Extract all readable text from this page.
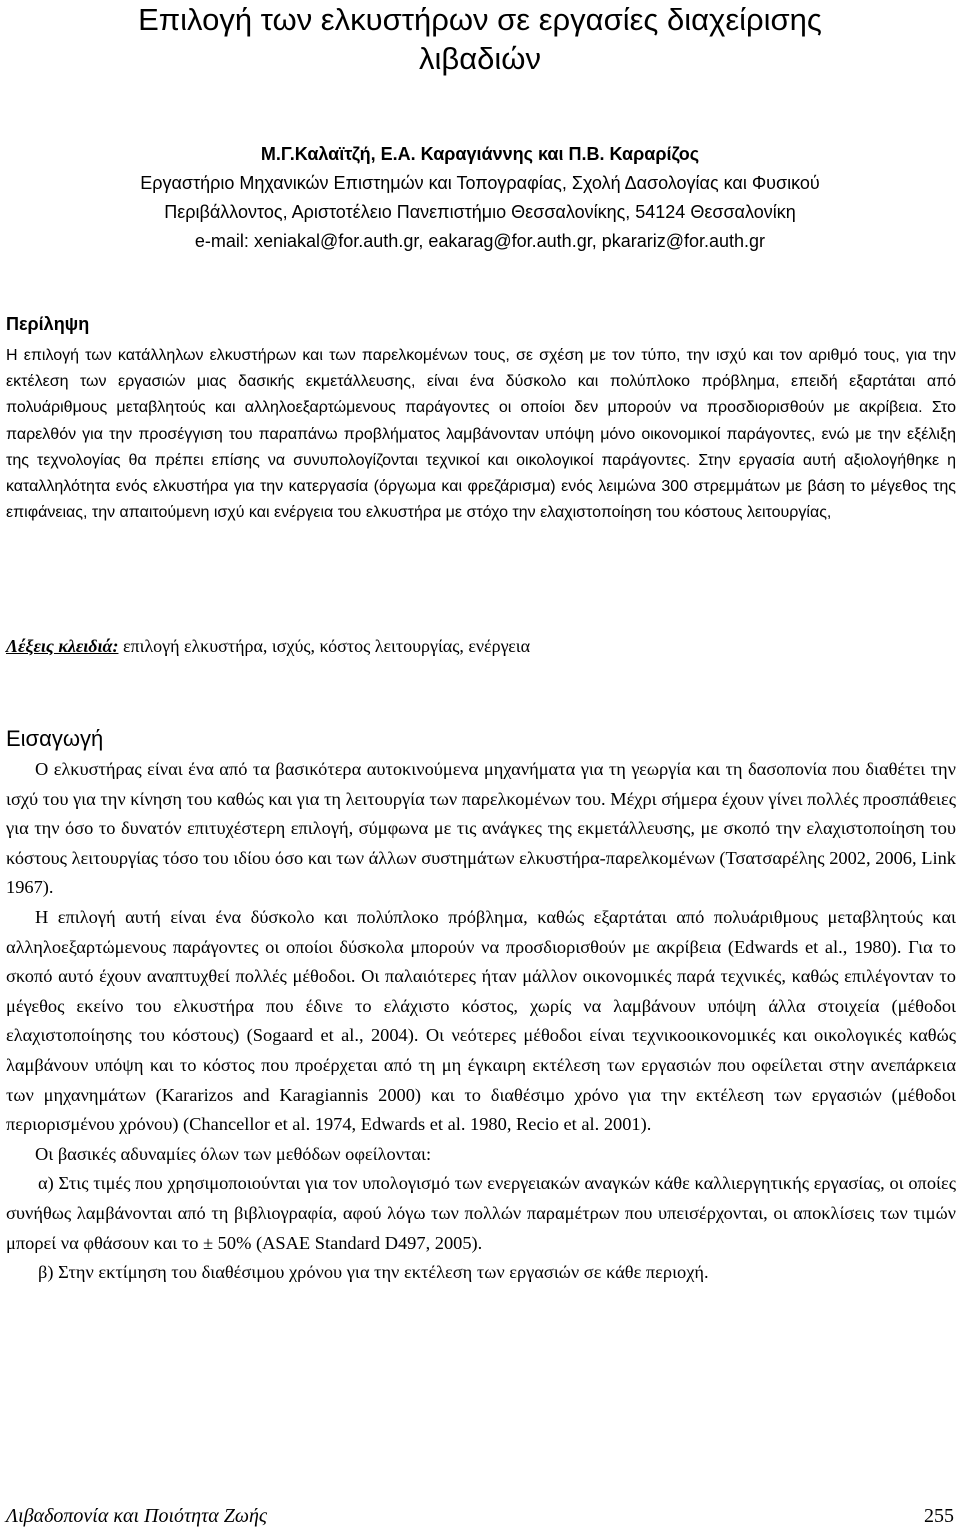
Επιλογή των ελκυστήρων σε εργασίες διαχείρισης
λιβαδιών
Μ.Γ.Καλαϊτζή, Ε.Α. Καραγιάννης και Π.Β. Καραρίζος
Εργαστήριο Μηχανικών Επιστημών και Τοπογραφίας, Σχολή Δασολογίας και Φυσικού
Περιβάλλοντος, Αριστοτέλειο Πανεπιστήμιο Θεσσαλονίκης, 54124 Θεσσαλονίκη
e-mail: xeniakal@for.auth.gr, eakarag@for.auth.gr, pkarariz@for.auth.gr
Περίληψη

Η επιλογή των κατάλληλων ελκυστήρων και των παρελκομένων τους, σε σχέση με τον τύπο, την ισχύ και τον αριθμό τους, για την εκτέλεση των εργασιών μιας δασικής εκμετάλλευσης, είναι ένα δύσκολο και πολύπλοκο πρόβλημα, επειδή εξαρτάται από πολυάριθμους μεταβλητούς και αλληλοεξαρτώμενους παράγοντες οι οποίοι δεν μπορούν να προσδιορισθούν με ακρίβεια. Στο παρελθόν για την προσέγγιση του παραπάνω προβλήματος λαμβάνονταν υπόψη μόνο οικονομικοί παράγοντες, ενώ με την εξέλιξη της τεχνολογίας θα πρέπει επίσης να συνυπολογίζονται τεχνικοί και οικολογικοί παράγοντες. Στην εργασία αυτή αξιολογήθηκε η καταλληλότητα ενός ελκυστήρα για την κατεργασία (όργωμα και φρεζάρισμα) ενός λειμώνα 300 στρεμμάτων με βάση το μέγεθος της επιφάνειας, την απαιτούμενη ισχύ και ενέργεια του ελκυστήρα με στόχο την ελαχιστοποίηση του κόστους λειτουργίας,

Λέξεις κλειδιά: επιλογή ελκυστήρα, ισχύς, κόστος λειτουργίας, ενέργεια

Εισαγωγή

Ο ελκυστήρας είναι ένα από τα βασικότερα αυτοκινούμενα μηχανήματα για τη γεωργία και τη δασοπονία που διαθέτει την ισχύ του για την κίνηση του καθώς και για τη λειτουργία των παρελκομένων του. Μέχρι σήμερα έχουν γίνει πολλές προσπάθειες για την όσο το δυνατόν επιτυχέστερη επιλογή, σύμφωνα με τις ανάγκες της εκμετάλλευσης, με σκοπό την ελαχιστοποίηση του κόστους λειτουργίας τόσο του ιδίου όσο και των άλλων συστημάτων ελκυστήρα-παρελκομένων (Τσατσαρέλης 2002, 2006, Link 1967).

Η επιλογή αυτή είναι ένα δύσκολο και πολύπλοκο πρόβλημα, καθώς εξαρτάται από πολυάριθμους μεταβλητούς και αλληλοεξαρτώμενους παράγοντες οι οποίοι δύσκολα μπορούν να προσδιορισθούν με ακρίβεια (Edwards et al., 1980). Για το σκοπό αυτό έχουν αναπτυχθεί πολλές μέθοδοι. Οι παλαιότερες ήταν μάλλον οικονομικές παρά τεχνικές, καθώς επιλέγονταν το μέγεθος εκείνο του ελκυστήρα που έδινε το ελάχιστο κόστος, χωρίς να λαμβάνουν υπόψη άλλα στοιχεία (μέθοδοι ελαχιστοποίησης του κόστους) (Sogaard et al., 2004). Οι νεότερες μέθοδοι είναι τεχνικοοικονομικές και οικολογικές καθώς λαμβάνουν υπόψη και το κόστος που προέρχεται από τη μη έγκαιρη εκτέλεση των εργασιών που οφείλεται στην ανεπάρκεια των μηχανημάτων (Kararizos and Karagiannis 2000) και το διαθέσιμο χρόνο για την εκτέλεση των εργασιών (μέθοδοι περιορισμένου χρόνου) (Chancellor et al. 1974, Edwards et al. 1980, Recio et al. 2001).

Οι βασικές αδυναμίες όλων των μεθόδων οφείλονται:

α) Στις τιμές που χρησιμοποιούνται για τον υπολογισμό των ενεργειακών αναγκών κάθε καλλιεργητικής εργασίας, οι οποίες συνήθως λαμβάνονται από τη βιβλιογραφία, αφού λόγω των πολλών παραμέτρων που υπεισέρχονται, οι αποκλίσεις των τιμών μπορεί να φθάσουν και το ± 50% (ASAE Standard D497, 2005).

β) Στην εκτίμηση του διαθέσιμου χρόνου για την εκτέλεση των εργασιών σε κάθε περιοχή.

Λιβαδοπονία και Ποιότητα Ζωής	255
